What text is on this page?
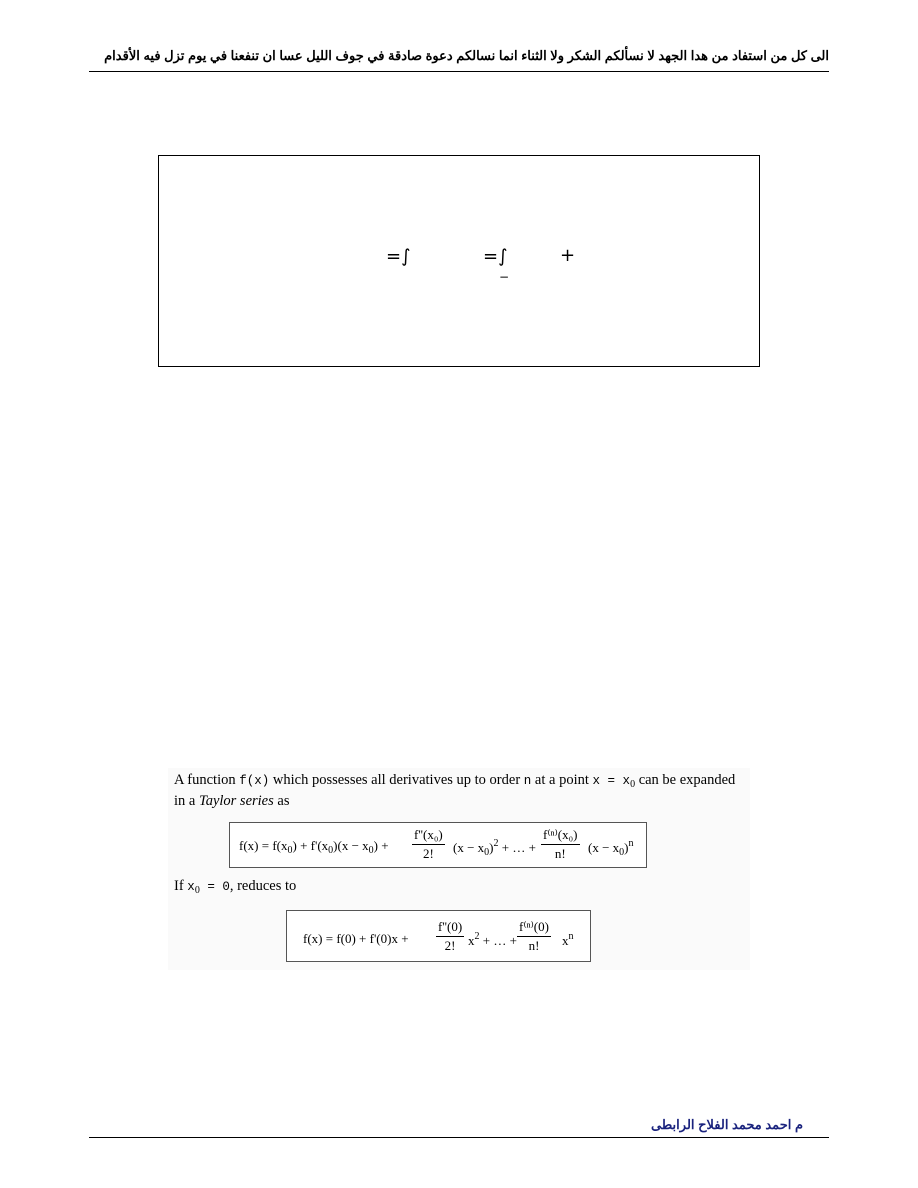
الى كل من استفاد من هدا الجهد لا نسألكم الشكر ولا الثناء انما نسالكم دعوة صادقة في جوف الليل عسا ان تنفعنا في يوم تزل فيه الأقدام
=∫	=∫
−
+
A function f(x) which possesses all derivatives up to order n at a point $x = x_0$ can be expanded
in a Taylor series as
$f(x) = f(x_0) + f'(x_0)(x - x_0) + \frac{\text{f''(x₀)}}{2!} (x - x_0)^2$ + … + $\frac{\text{f⁽ⁿ⁾(x₀)}}{n!} (x - x_0)^n$
If $x_0 = 0$, reduces to
$f(x) = f(0) + f'(0)x + \frac{f''(0)}{2!} x^2$ + … + $\frac{\text{f⁽ⁿ⁾(0)}}{n!} x^n$
م احمد محمد الفلاح الرابطى
